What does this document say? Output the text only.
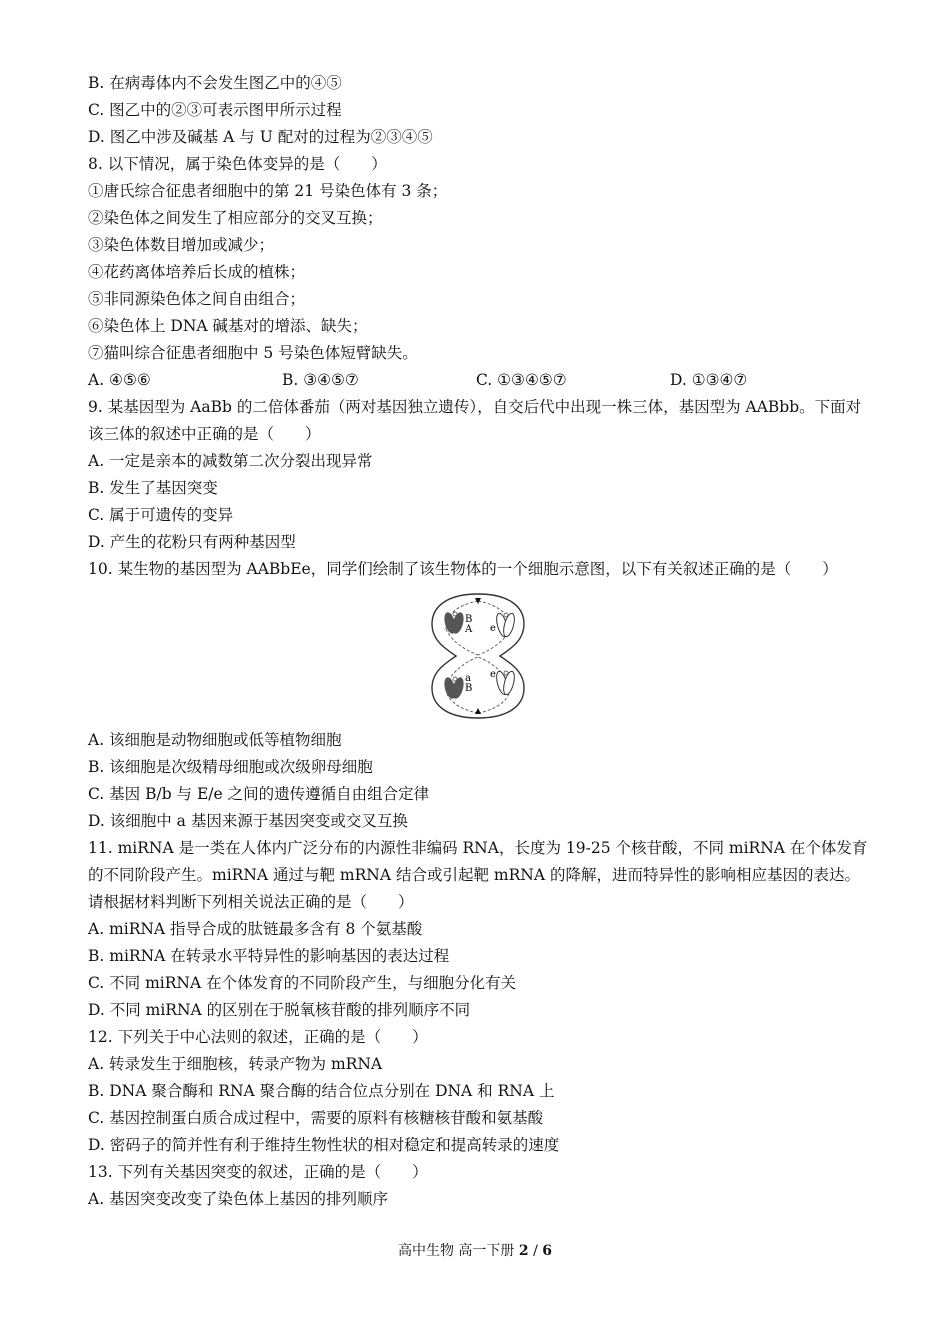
B. 在病毒体内不会发生图乙中的④⑤
C. 图乙中的②③可表示图甲所示过程
D. 图乙中涉及碱基 A 与 U 配对的过程为②③④⑤
8. 以下情况，属于染色体变异的是（　　）
①唐氏综合征患者细胞中的第 21 号染色体有 3 条；
②染色体之间发生了相应部分的交叉互换；
③染色体数目增加或减少；
④花药离体培养后长成的植株；
⑤非同源染色体之间自由组合；
⑥染色体上 DNA 碱基对的增添、缺失；
⑦猫叫综合征患者细胞中 5 号染色体短臂缺失。
A. ④⑤⑥	B. ③④⑤⑦	C. ①③④⑤⑦	D. ①③④⑦
9. 某基因型为 AaBb 的二倍体番茄（两对基因独立遗传），自交后代中出现一株三体，基因型为 AABbb。下面对该三体的叙述中正确的是（　　）
A. 一定是亲本的减数第二次分裂出现异常
B. 发生了基因突变
C. 属于可遗传的变异
D. 产生的花粉只有两种基因型
10. 某生物的基因型为 AABbEe，同学们绘制了该生物体的一个细胞示意图，以下有关叙述正确的是（　　）
B
A e
a
B
e
A. 该细胞是动物细胞或低等植物细胞
B. 该细胞是次级精母细胞或次级卵母细胞
C. 基因 B/b 与 E/e 之间的遗传遵循自由组合定律
D. 该细胞中 a 基因来源于基因突变或交叉互换
11. miRNA 是一类在人体内广泛分布的内源性非编码 RNA，长度为 19-25 个核苷酸，不同 miRNA 在个体发育的不同阶段产生。miRNA 通过与靶 mRNA 结合或引起靶 mRNA 的降解，进而特异性的影响相应基因的表达。请根据材料判断下列相关说法正确的是（　　）
A. miRNA 指导合成的肽链最多含有 8 个氨基酸
B. miRNA 在转录水平特异性的影响基因的表达过程
C. 不同 miRNA 在个体发育的不同阶段产生，与细胞分化有关
D. 不同 miRNA 的区别在于脱氧核苷酸的排列顺序不同
12. 下列关于中心法则的叙述，正确的是（　　）
A. 转录发生于细胞核，转录产物为 mRNA
B. DNA 聚合酶和 RNA 聚合酶的结合位点分别在 DNA 和 RNA 上
C. 基因控制蛋白质合成过程中，需要的原料有核糖核苷酸和氨基酸
D. 密码子的简并性有利于维持生物性状的相对稳定和提高转录的速度
13. 下列有关基因突变的叙述，正确的是（　　）
A. 基因突变改变了染色体上基因的排列顺序
高中生物 高一下册 2 / 6
